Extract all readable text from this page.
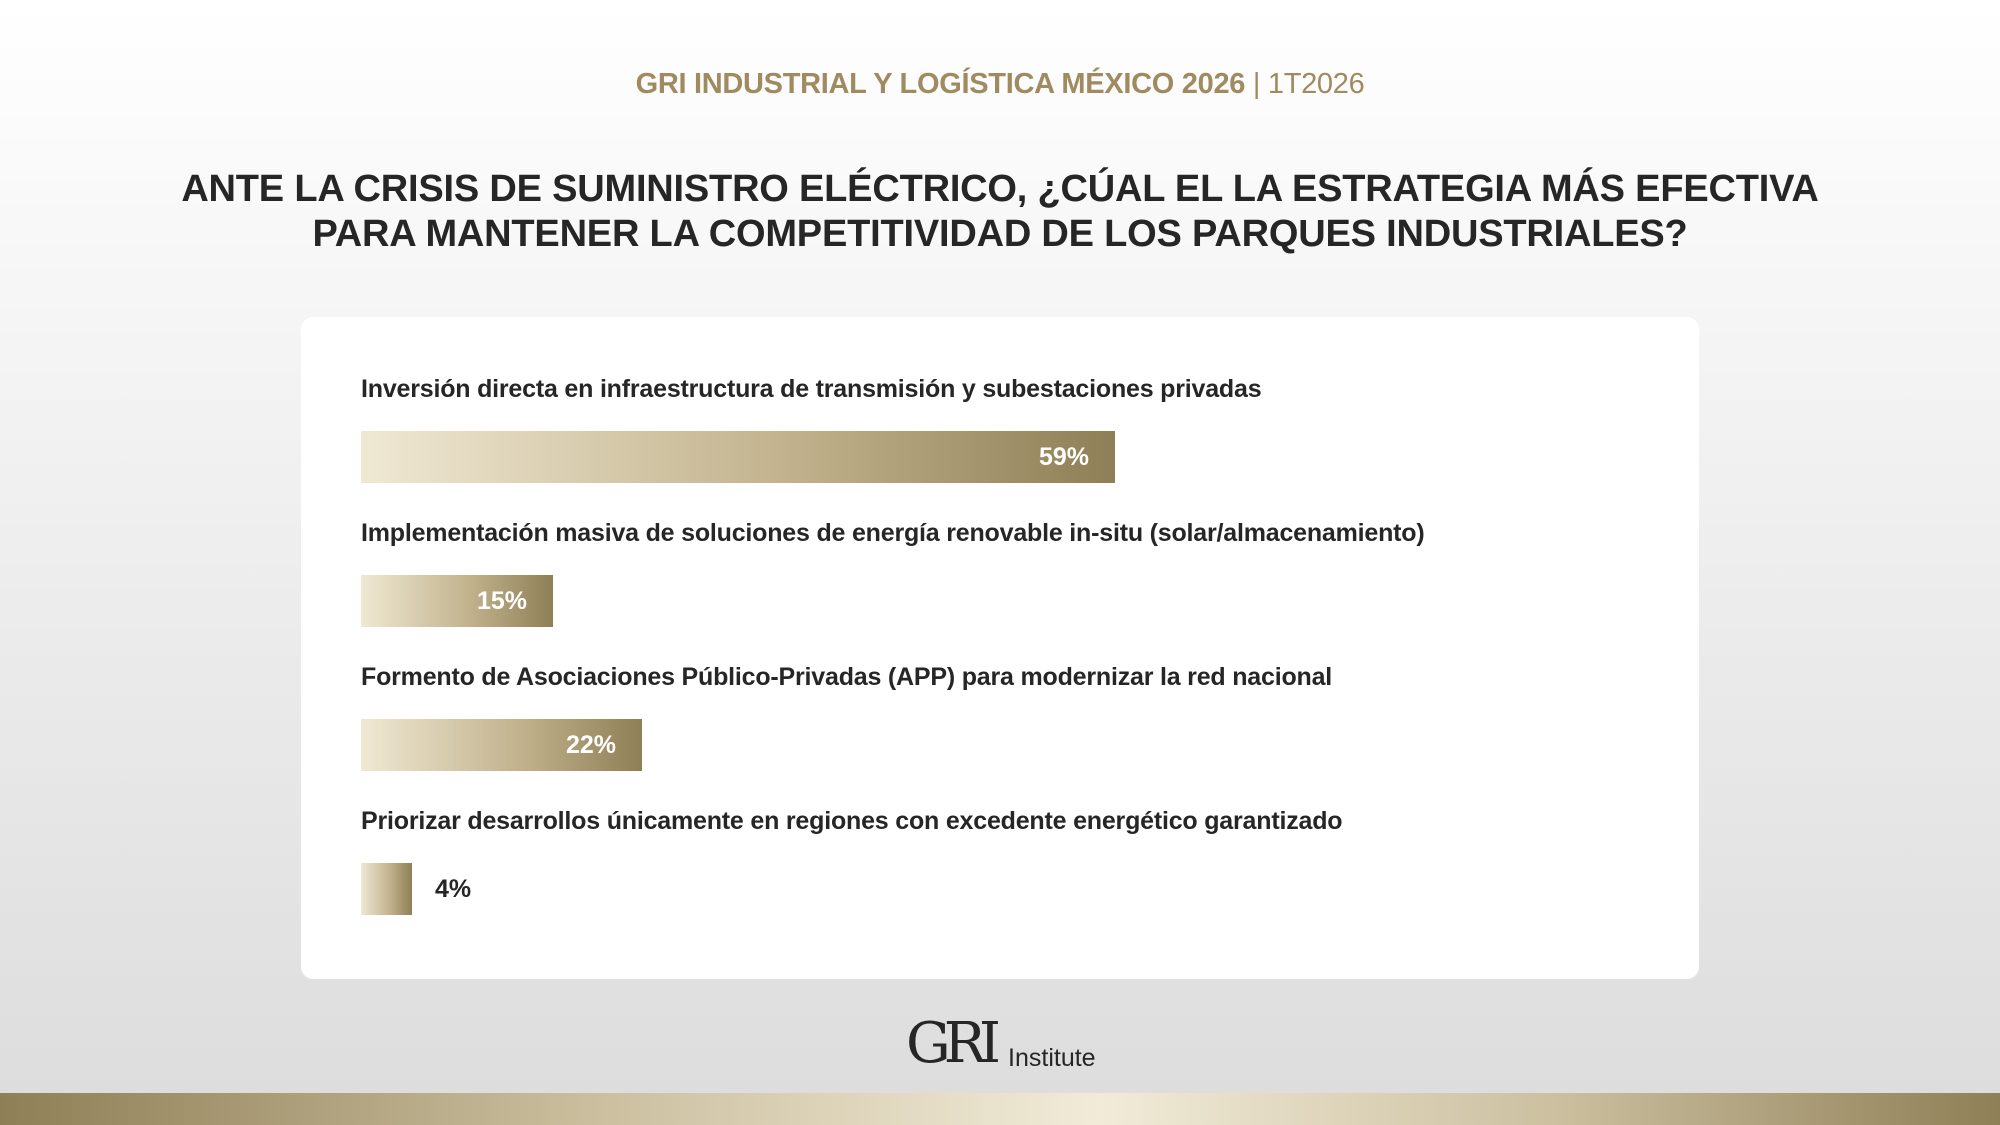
GRI INDUSTRIAL Y LOGÍSTICA MÉXICO 2026 | 1T2026
ANTE LA CRISIS DE SUMINISTRO ELÉCTRICO, ¿CÚAL EL LA ESTRATEGIA MÁS EFECTIVA PARA MANTENER LA COMPETITIVIDAD DE LOS PARQUES INDUSTRIALES?
Inversión directa en infraestructura de transmisión y subestaciones privadas
59%
Implementación masiva de soluciones de energía renovable in-situ (solar/almacenamiento)
15%
Formento de Asociaciones Público-Privadas (APP) para modernizar la red nacional
22%
Priorizar desarrollos únicamente en regiones con excedente energético garantizado
4%
GRI Institute
